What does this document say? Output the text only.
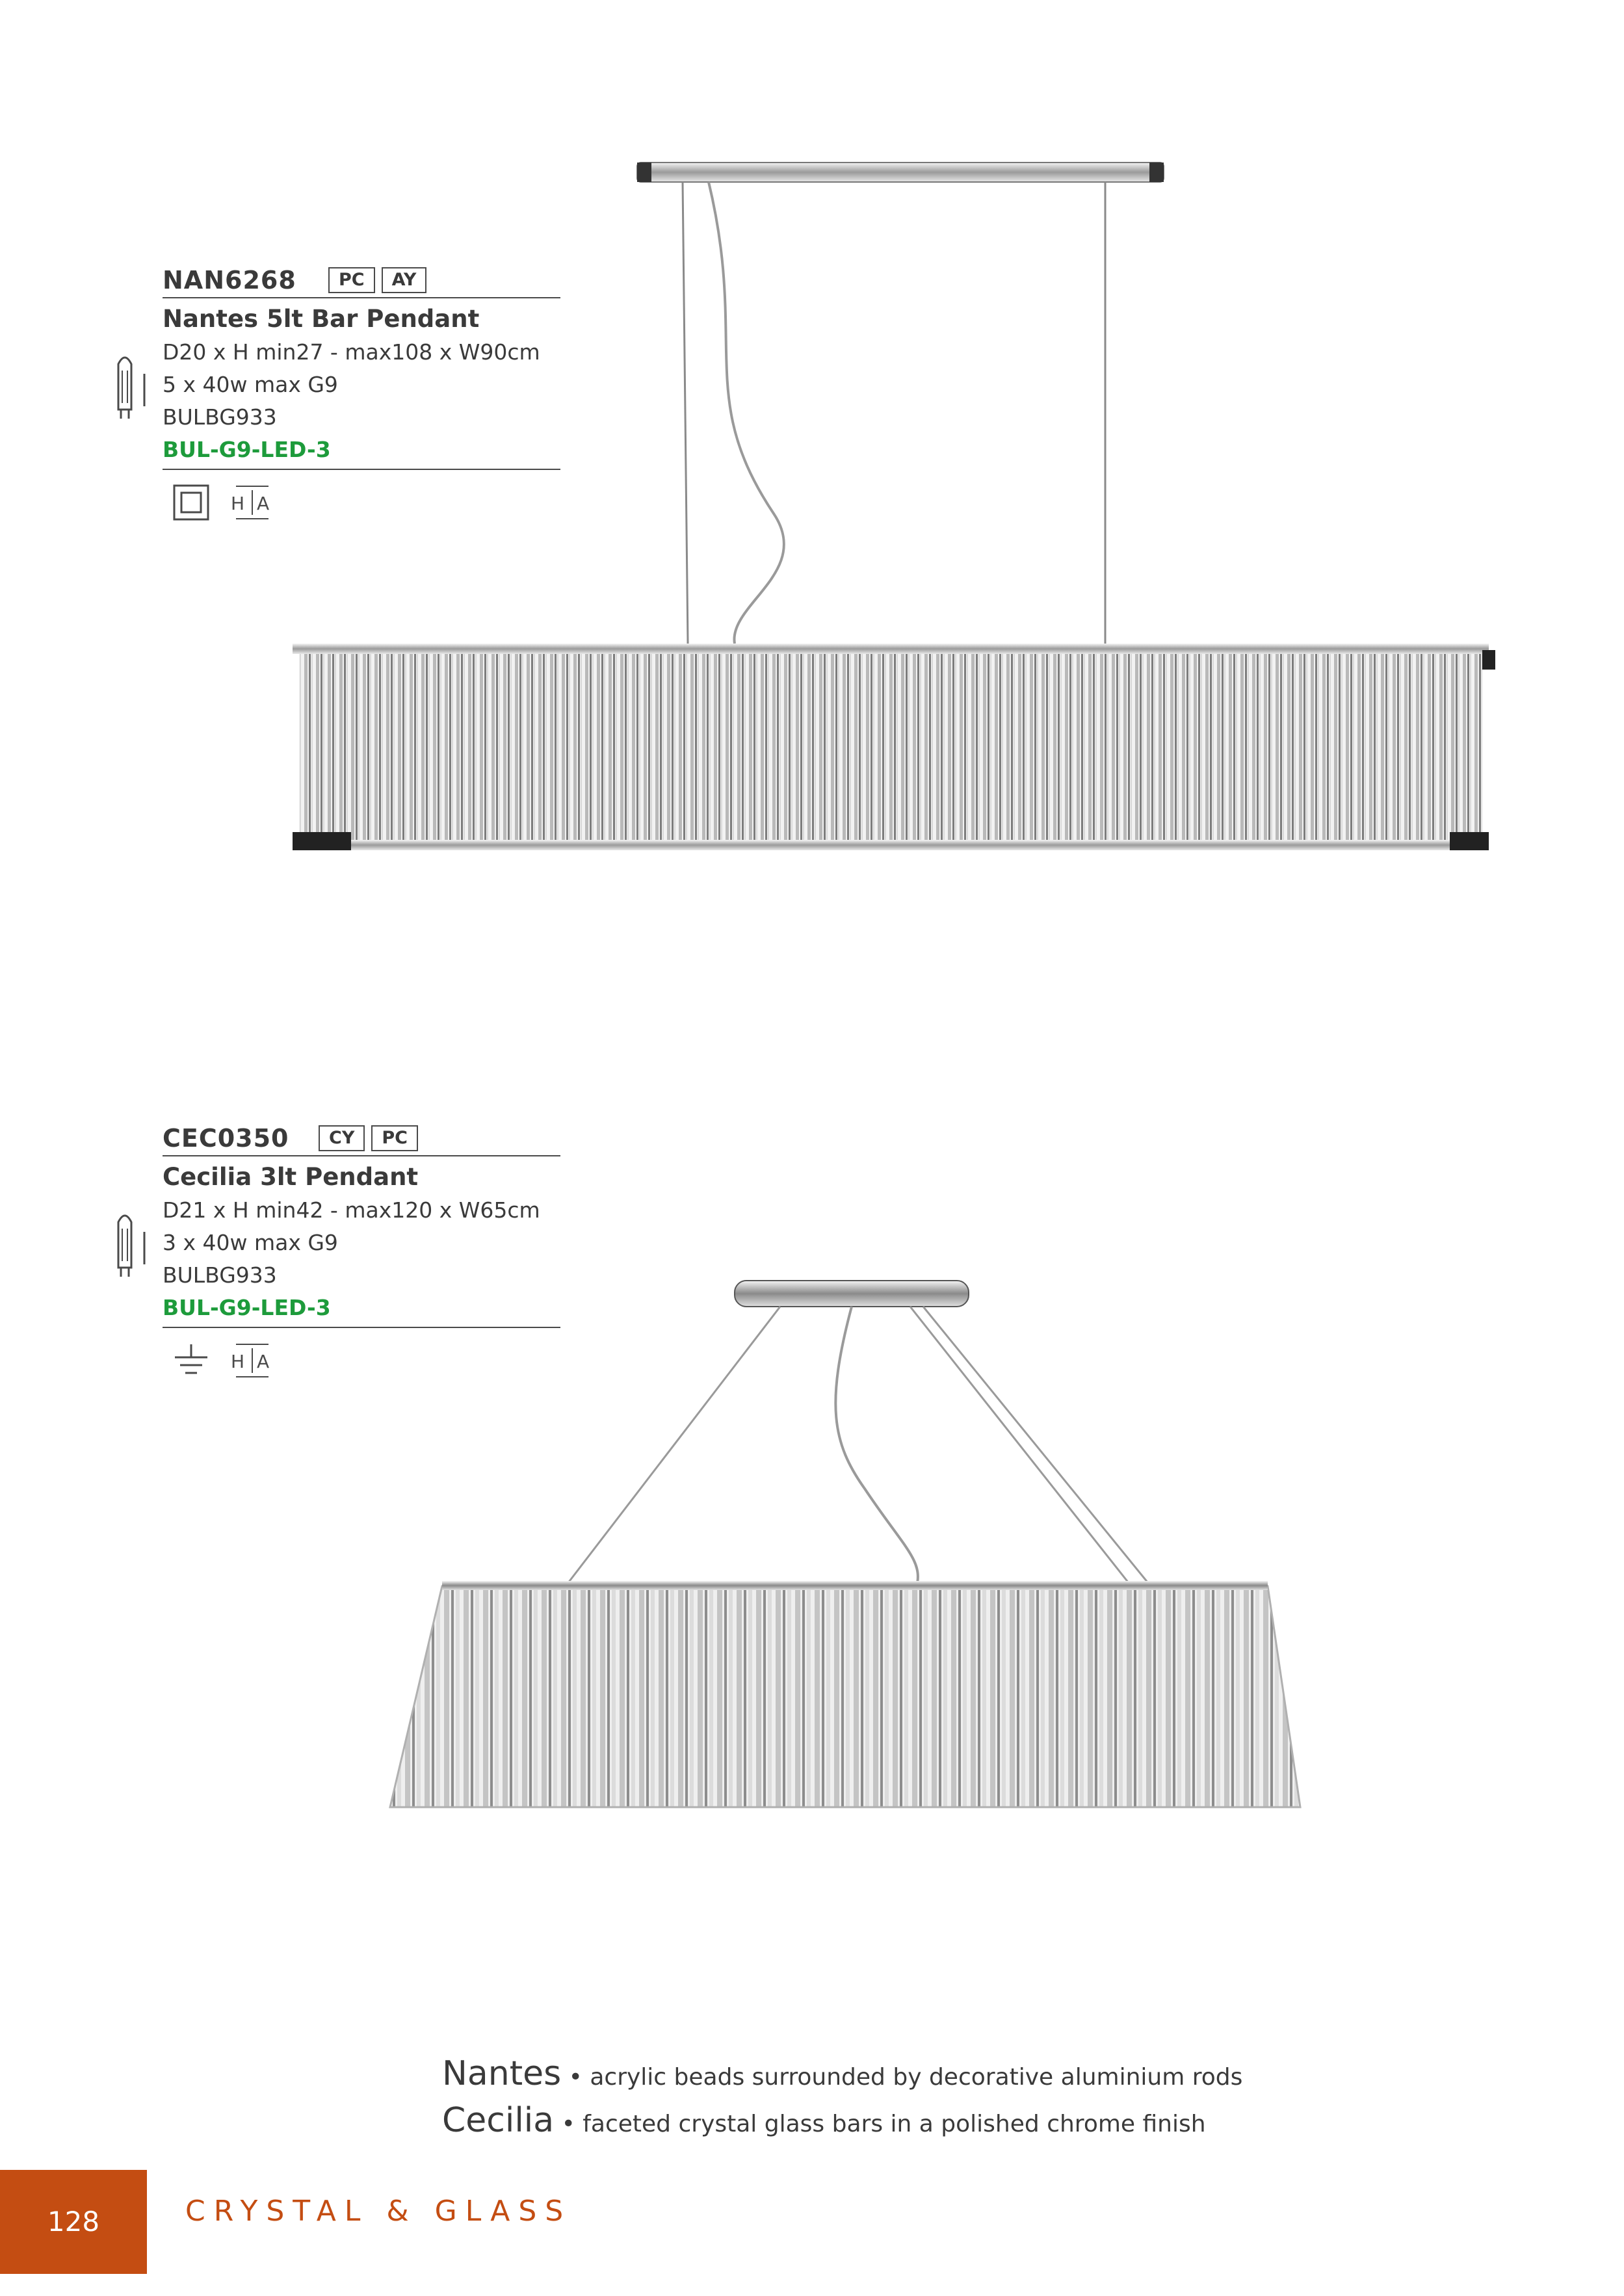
NAN6268	PC	AY
Nantes 5lt Bar Pendant
D20 x H min27 - max108 x W90cm
5 x 40w max G9
BULBG933
BUL-G9-LED-3
H A
CEC0350	CY	PC
Cecilia 3lt Pendant
D21 x H min42 - max120 x W65cm
3 x 40w max G9
BULBG933
BUL-G9-LED-3
H A
Nantes • acrylic beads surrounded by decorative aluminium rods
Cecilia • faceted crystal glass bars in a polished chrome finish
128	CRYSTAL & GLASS
